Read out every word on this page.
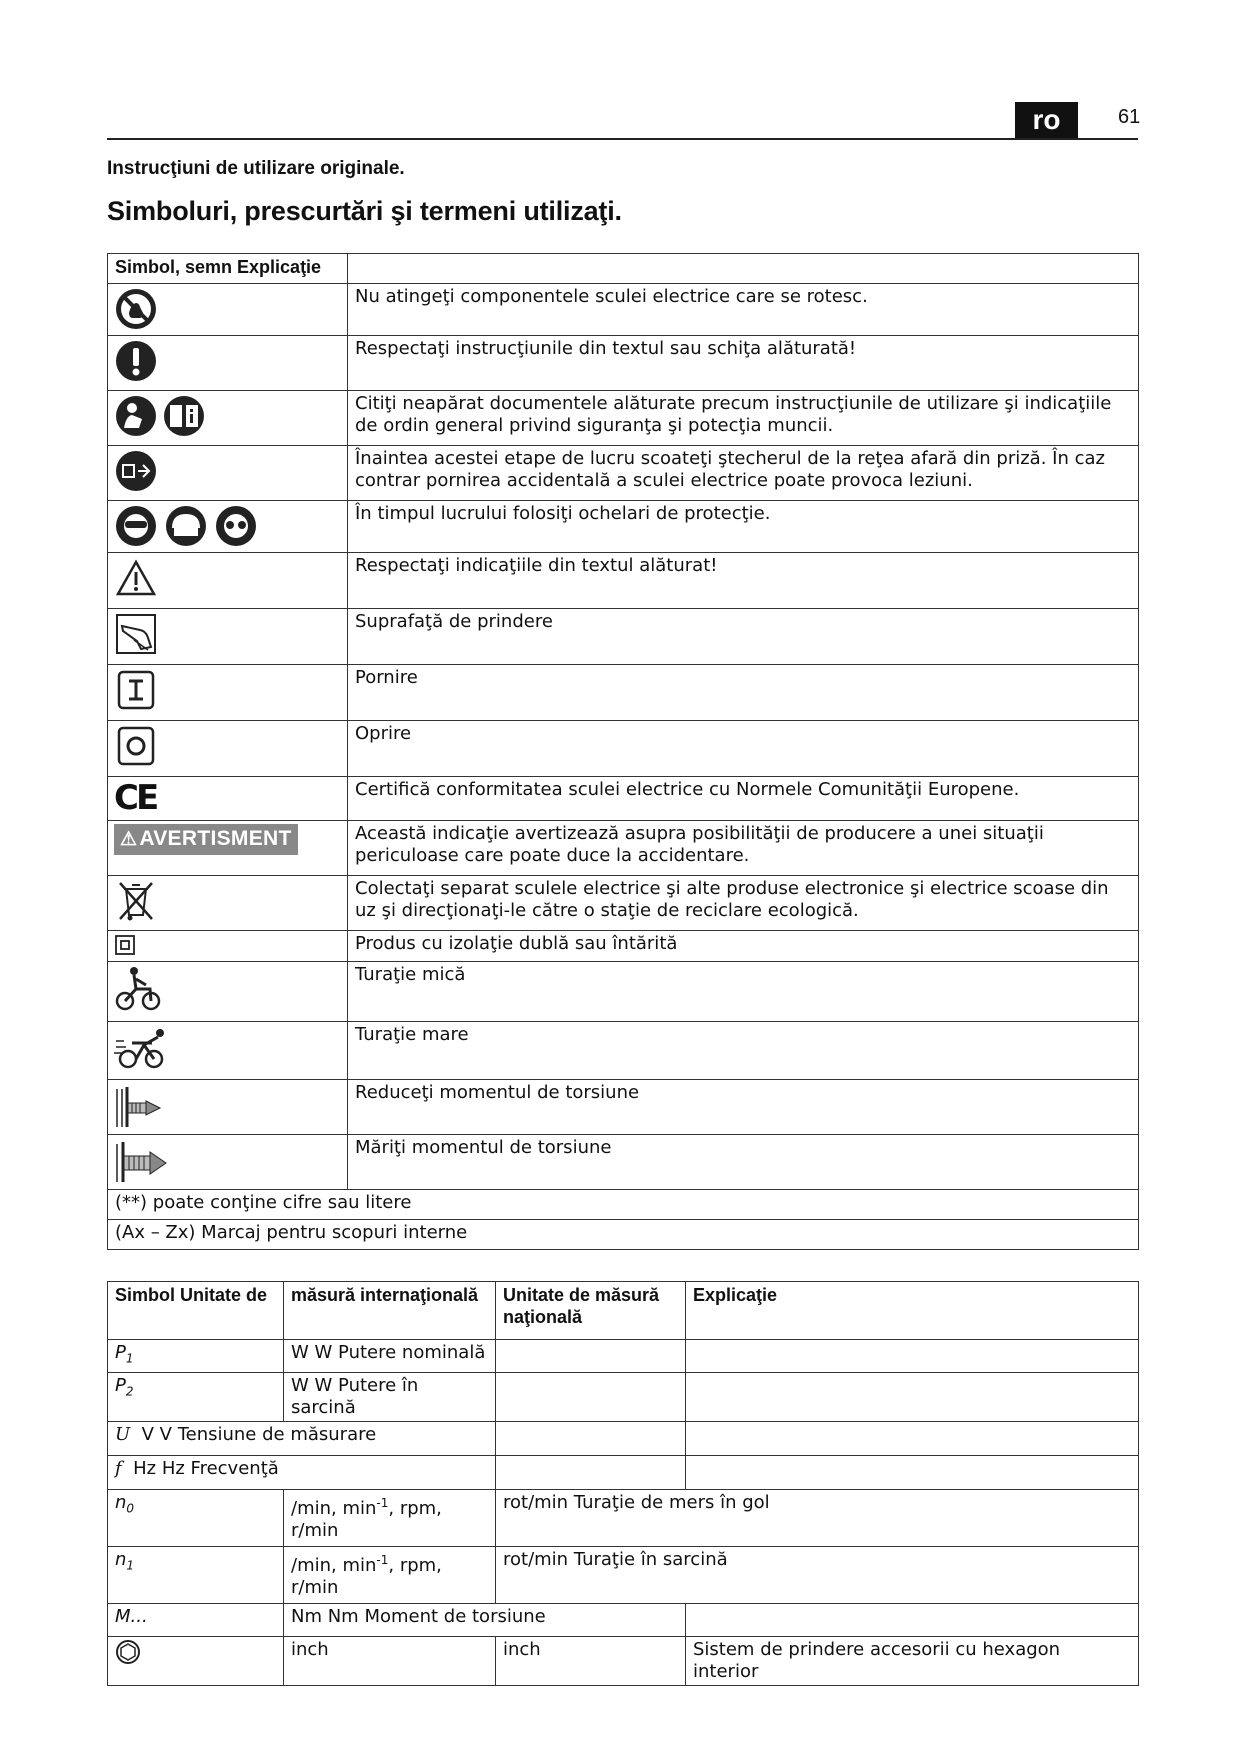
ro	61
Instrucţiuni de utilizare originale.
Simboluri, prescurtări şi termeni utilizaţi.
Simbol, semn Explicaţie	
	Nu atingeţi componentele sculei electrice care se rotesc.
	Respectaţi instrucţiunile din textul sau schiţa alăturată!
	Citiţi neapărat documentele alăturate precum instrucţiunile de utilizare şi indicaţiile de ordin general privind siguranţa şi potecţia muncii.
	Înaintea acestei etape de lucru scoateţi ştecherul de la reţea afară din priză. În caz contrar pornirea accidentală a sculei electrice poate provoca leziuni.
	În timpul lucrului folosiţi ochelari de protecţie.
	Respectaţi indicaţiile din textul alăturat!
	Suprafaţă de prindere
	Pornire
	Oprire
CE	Certifică conformitatea sculei electrice cu Normele Comunităţii Europene.
⚠AVERTISMENT	Această indicaţie avertizează asupra posibilităţii de producere a unei situaţii periculoase care poate duce la accidentare.
	Colectaţi separat sculele electrice şi alte produse electronice şi electrice scoase din uz şi direcţionaţi-le către o staţie de reciclare ecologică.
	Produs cu izolaţie dublă sau întărită
	Turaţie mică
	Turaţie mare
	Reduceţi momentul de torsiune
	Măriţi momentul de torsiune
(**) poate conţine cifre sau litere	
(Ax – Zx) Marcaj pentru scopuri interne	
Simbol Unitate de	măsură internaţională	Unitate de măsură naţională	Explicaţie
$P_1$	W W Putere nominală		
$P_2$	W W Putere în sarcină		
U V V Tensiune de măsurare			
f Hz Hz Frecvenţă			
$n_0$	/min, $\min^{-1}$, rpm, r/min	rot/min Turaţie de mers în gol	
$n_1$	/min, $\min^{-1}$, rpm, r/min	rot/min Turaţie în sarcină	
M...	Nm Nm Moment de torsiune		
	inch	inch	Sistem de prindere accesorii cu hexagon interior
